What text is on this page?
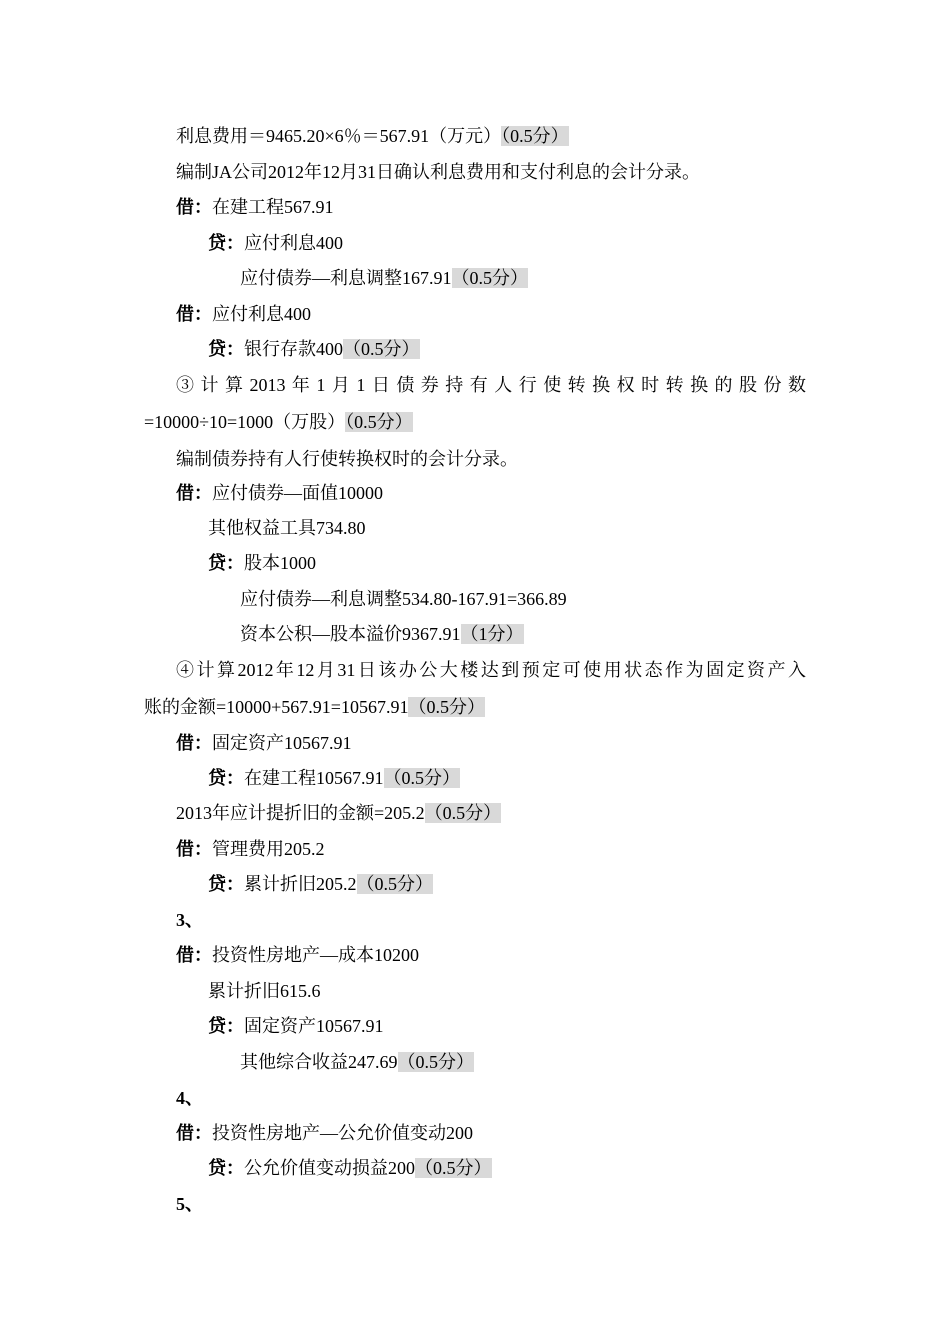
利息费用＝9465.20×6％＝567.91（万元）（0.5分）
编制JA公司2012年12月31日确认利息费用和支付利息的会计分录。
借：在建工程567.91
贷：应付利息400
应付债券—利息调整167.91（0.5分）
借：应付利息400
贷：银行存款400（0.5分）
③计算2013年1月1日债券持有人行使转换权时转换的股份数
=10000÷10=1000（万股）（0.5分）
编制债券持有人行使转换权时的会计分录。
借：应付债券—面值10000
其他权益工具734.80
贷：股本1000
应付债券—利息调整534.80-167.91=366.89
资本公积—股本溢价9367.91（1分）
④计算2012年12月31日该办公大楼达到预定可使用状态作为固定资产入
账的金额=10000+567.91=10567.91（0.5分）
借：固定资产10567.91
贷：在建工程10567.91（0.5分）
2013年应计提折旧的金额=205.2（0.5分）
借：管理费用205.2
贷：累计折旧205.2（0.5分）
3、
借：投资性房地产—成本10200
累计折旧615.6
贷：固定资产10567.91
其他综合收益247.69（0.5分）
4、
借：投资性房地产—公允价值变动200
贷：公允价值变动损益200（0.5分）
5、
